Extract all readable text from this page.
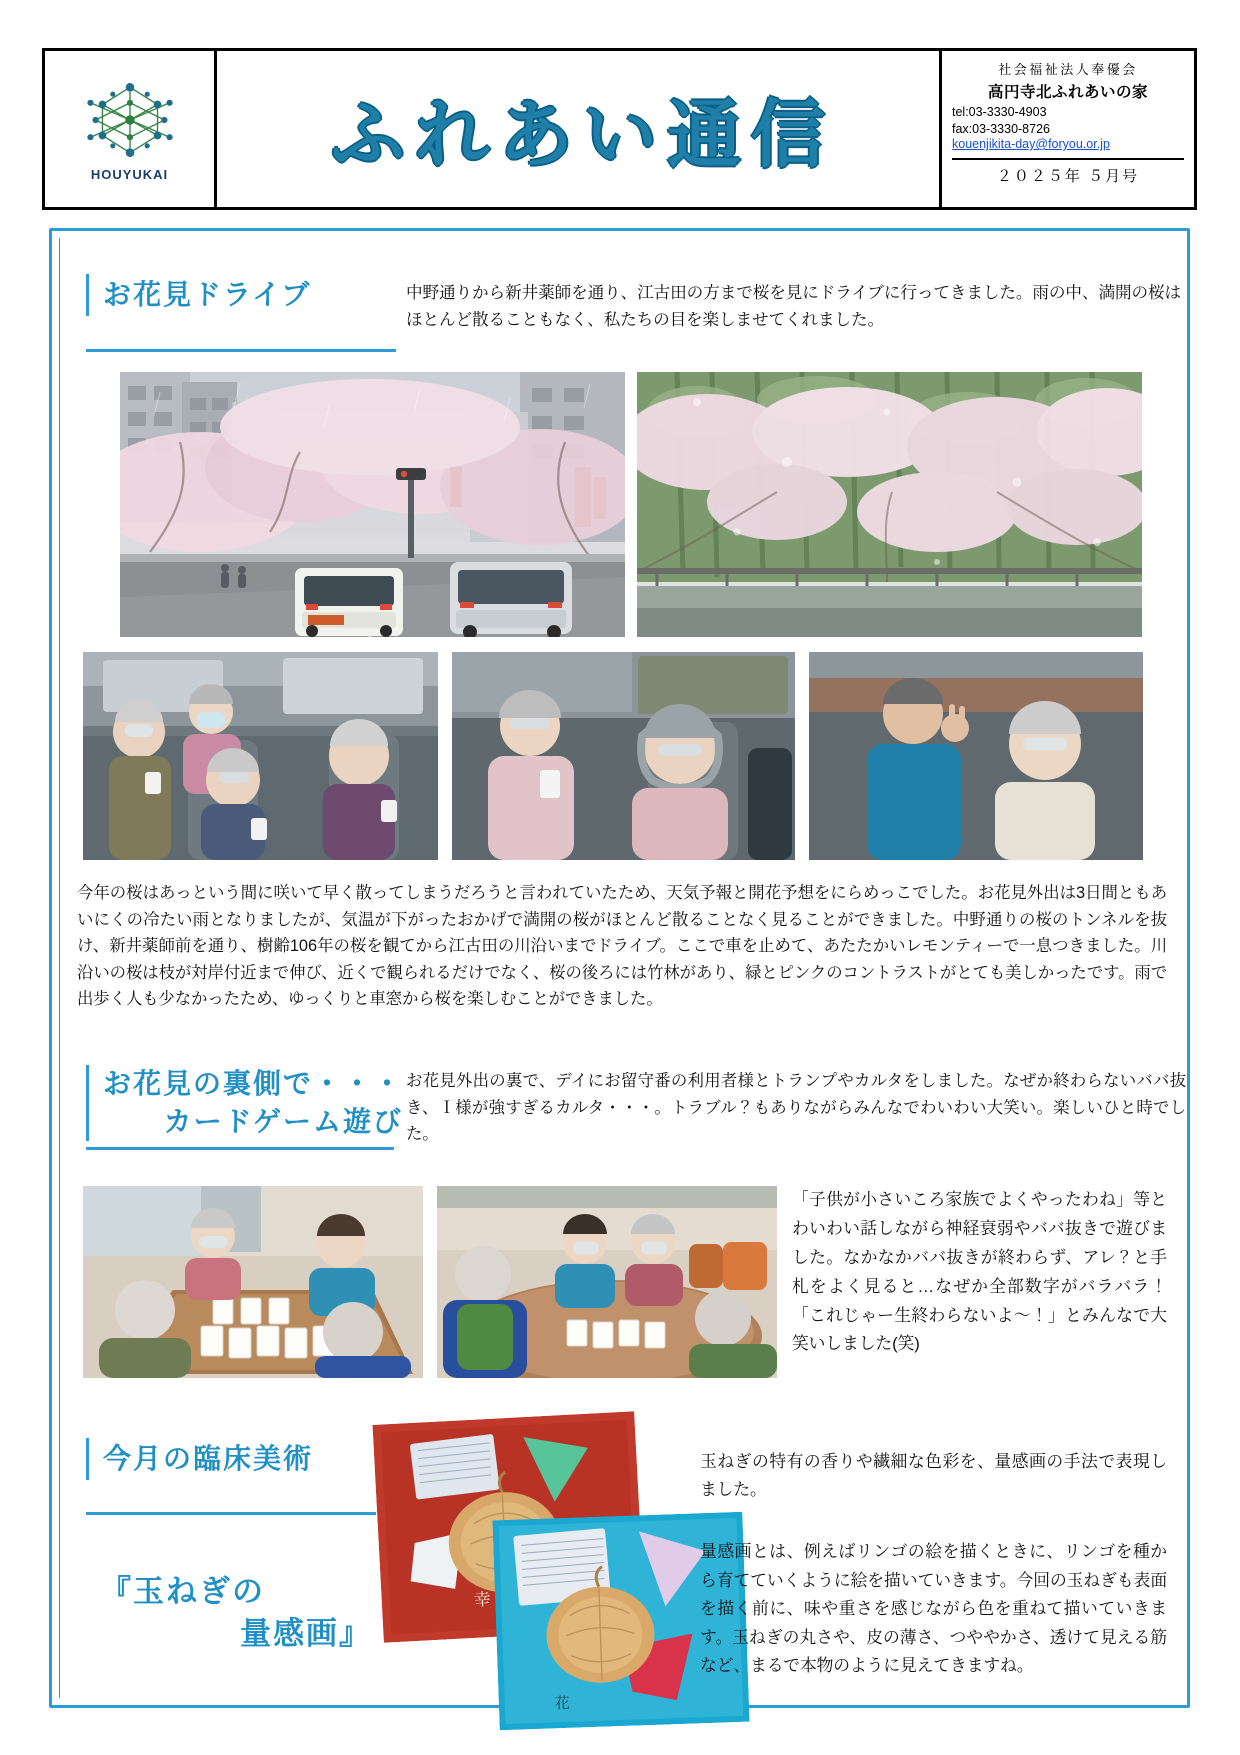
HOUYUKAI ふれあい通信
社会福祉法人奉優会
高円寺北ふれあいの家
tel:03-3330-4903
fax:03-3330-8726
kouenjikita-day@foryou.or.jp
２０２５年 ５月号
お花見ドライブ	中野通りから新井薬師を通り、江古田の方まで桜を見にドライブに行ってきました。雨の中、満開の桜はほとんど散ることもなく、私たちの目を楽しませてくれました。
今年の桜はあっという間に咲いて早く散ってしまうだろうと言われていたため、天気予報と開花予想をにらめっこでした。お花見外出は3日間ともあいにくの冷たい雨となりましたが、気温が下がったおかげで満開の桜がほとんど散ることなく見ることができました。中野通りの桜のトンネルを抜け、新井薬師前を通り、樹齢106年の桜を観てから江古田の川沿いまでドライブ。ここで車を止めて、あたたかいレモンティーで一息つきました。川沿いの桜は枝が対岸付近まで伸び、近くで観られるだけでなく、桜の後ろには竹林があり、緑とピンクのコントラストがとても美しかったです。雨で出歩く人も少なかったため、ゆっくりと車窓から桜を楽しむことができました。
お花見の裏側で・・・
カードゲーム遊び
お花見外出の裏で、デイにお留守番の利用者様とトランプやカルタをしました。なぜか終わらないババ抜き、Ｉ様が強すぎるカルタ・・・。トラブル？もありながらみんなでわいわい大笑い。楽しいひと時でした。
「子供が小さいころ家族でよくやったわね」等とわいわい話しながら神経衰弱やババ抜きで遊びました。なかなかババ抜きが終わらず、アレ？と手札をよく見ると…なぜか全部数字がバラバラ！「これじゃー生終わらないよ～！」とみんなで大笑いしました(笑)
今月の臨床美術
『玉ねぎの
量感画』
幸
花
玉ねぎの特有の香りや繊細な色彩を、量感画の手法で表現しました。
量感画とは、例えばリンゴの絵を描くときに、リンゴを種から育てていくように絵を描いていきます。今回の玉ねぎも表面を描く前に、味や重さを感じながら色を重ねて描いていきます。玉ねぎの丸さや、皮の薄さ、つややかさ、透けて見える筋など、まるで本物のように見えてきますね。
